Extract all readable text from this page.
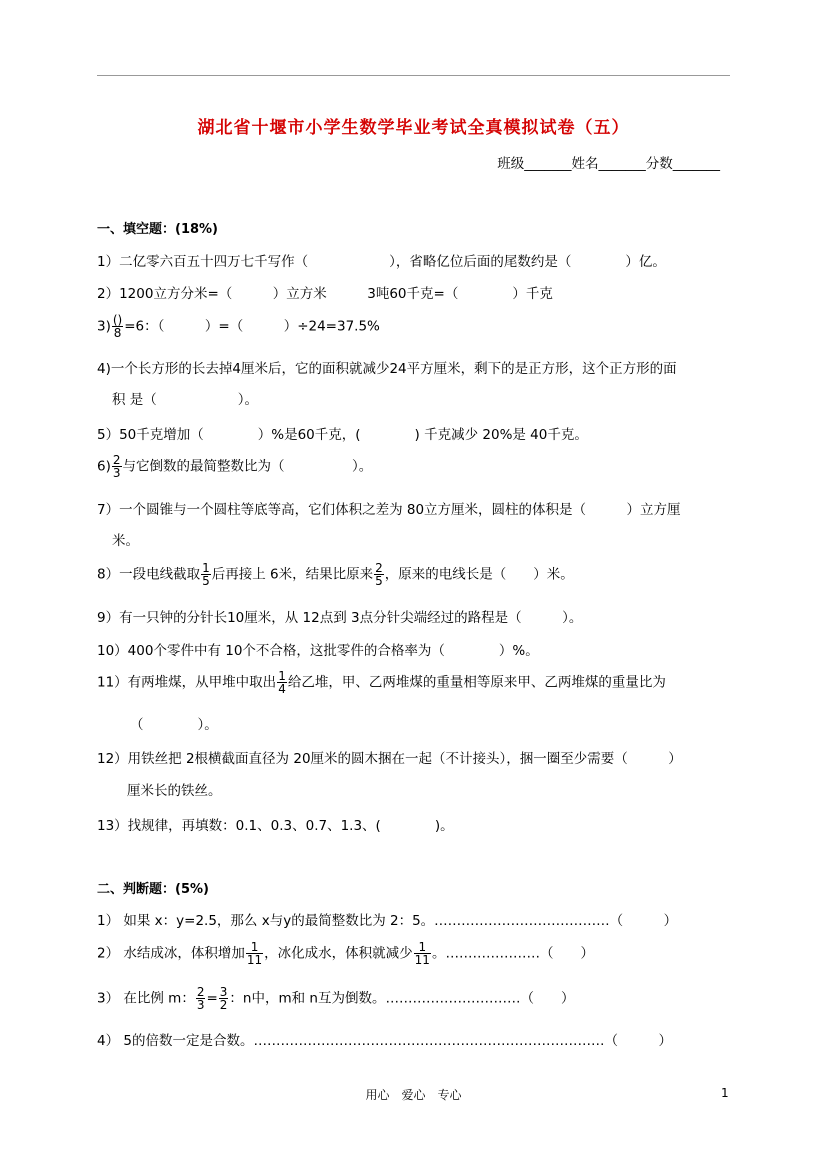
湖北省十堰市小学生数学毕业考试全真模拟试卷（五）
班级_______姓名_______分数_______
一、填空题：(18%)
1）二亿零六百五十四万七千写作（　　　　　　），省略亿位后面的尾数约是（　　　　）亿。
2）1200立方分米=（　　　）立方米　　　3吨60千克=（　　　　）千克
$3) \frac{()}{8} =6$：（　　　）=（　　　）÷24=37.5%
4)一个长方形的长去掉4厘米后，它的面积就减少24平方厘米，剩下的是正方形，这个正方形的面
积 是（　　　　　　）。
5）50千克增加（　　　　）%是60千克，(　　　　) 千克减少 20%是 40千克。
$6) \frac{2}{3}$ 与它倒数的最简整数比为（　　　　　）。
7）一个圆锥与一个圆柱等底等高，它们体积之差为 80立方厘米，圆柱的体积是（　　　）立方厘
米。
8）一段电线截取 $\frac{1}{5}$ 后再接上 6米，结果比原来 $\frac{2}{5}$ ，原来的电线长是（　　）米。
9）有一只钟的分针长10厘米，从 12点到 3点分针尖端经过的路程是（　　　）。
10）400个零件中有 10个不合格，这批零件的合格率为（　　　　）%。
11）有两堆煤，从甲堆中取出 $\frac{1}{4}$ 给乙堆，甲、乙两堆煤的重量相等原来甲、乙两堆煤的重量比为
（　　　　）。
12）用铁丝把 2根横截面直径为 20厘米的圆木捆在一起（不计接头），捆一圈至少需要（　　　）
厘米长的铁丝。
13）找规律，再填数：0.1、0.3、0.7、1.3、(　　　　)。
二、判断题：(5%)
1） 如果 x：y=2.5，那么 x与y的最简整数比为 2：5。…………………………………（　　　）
2） 水结成冰，体积增加 $\frac{1}{11}$ ，冰化成水，体积就减少 $\frac{1}{11}$ 。…………………（　　）
3） 在比例 m： $\frac{2}{3} = \frac{3}{2}$ ：n中，m和 n互为倒数。…………………………（　　）
4） 5的倍数一定是合数。……………………………………………………………………（　　　）
用心　爱心　专心	1
